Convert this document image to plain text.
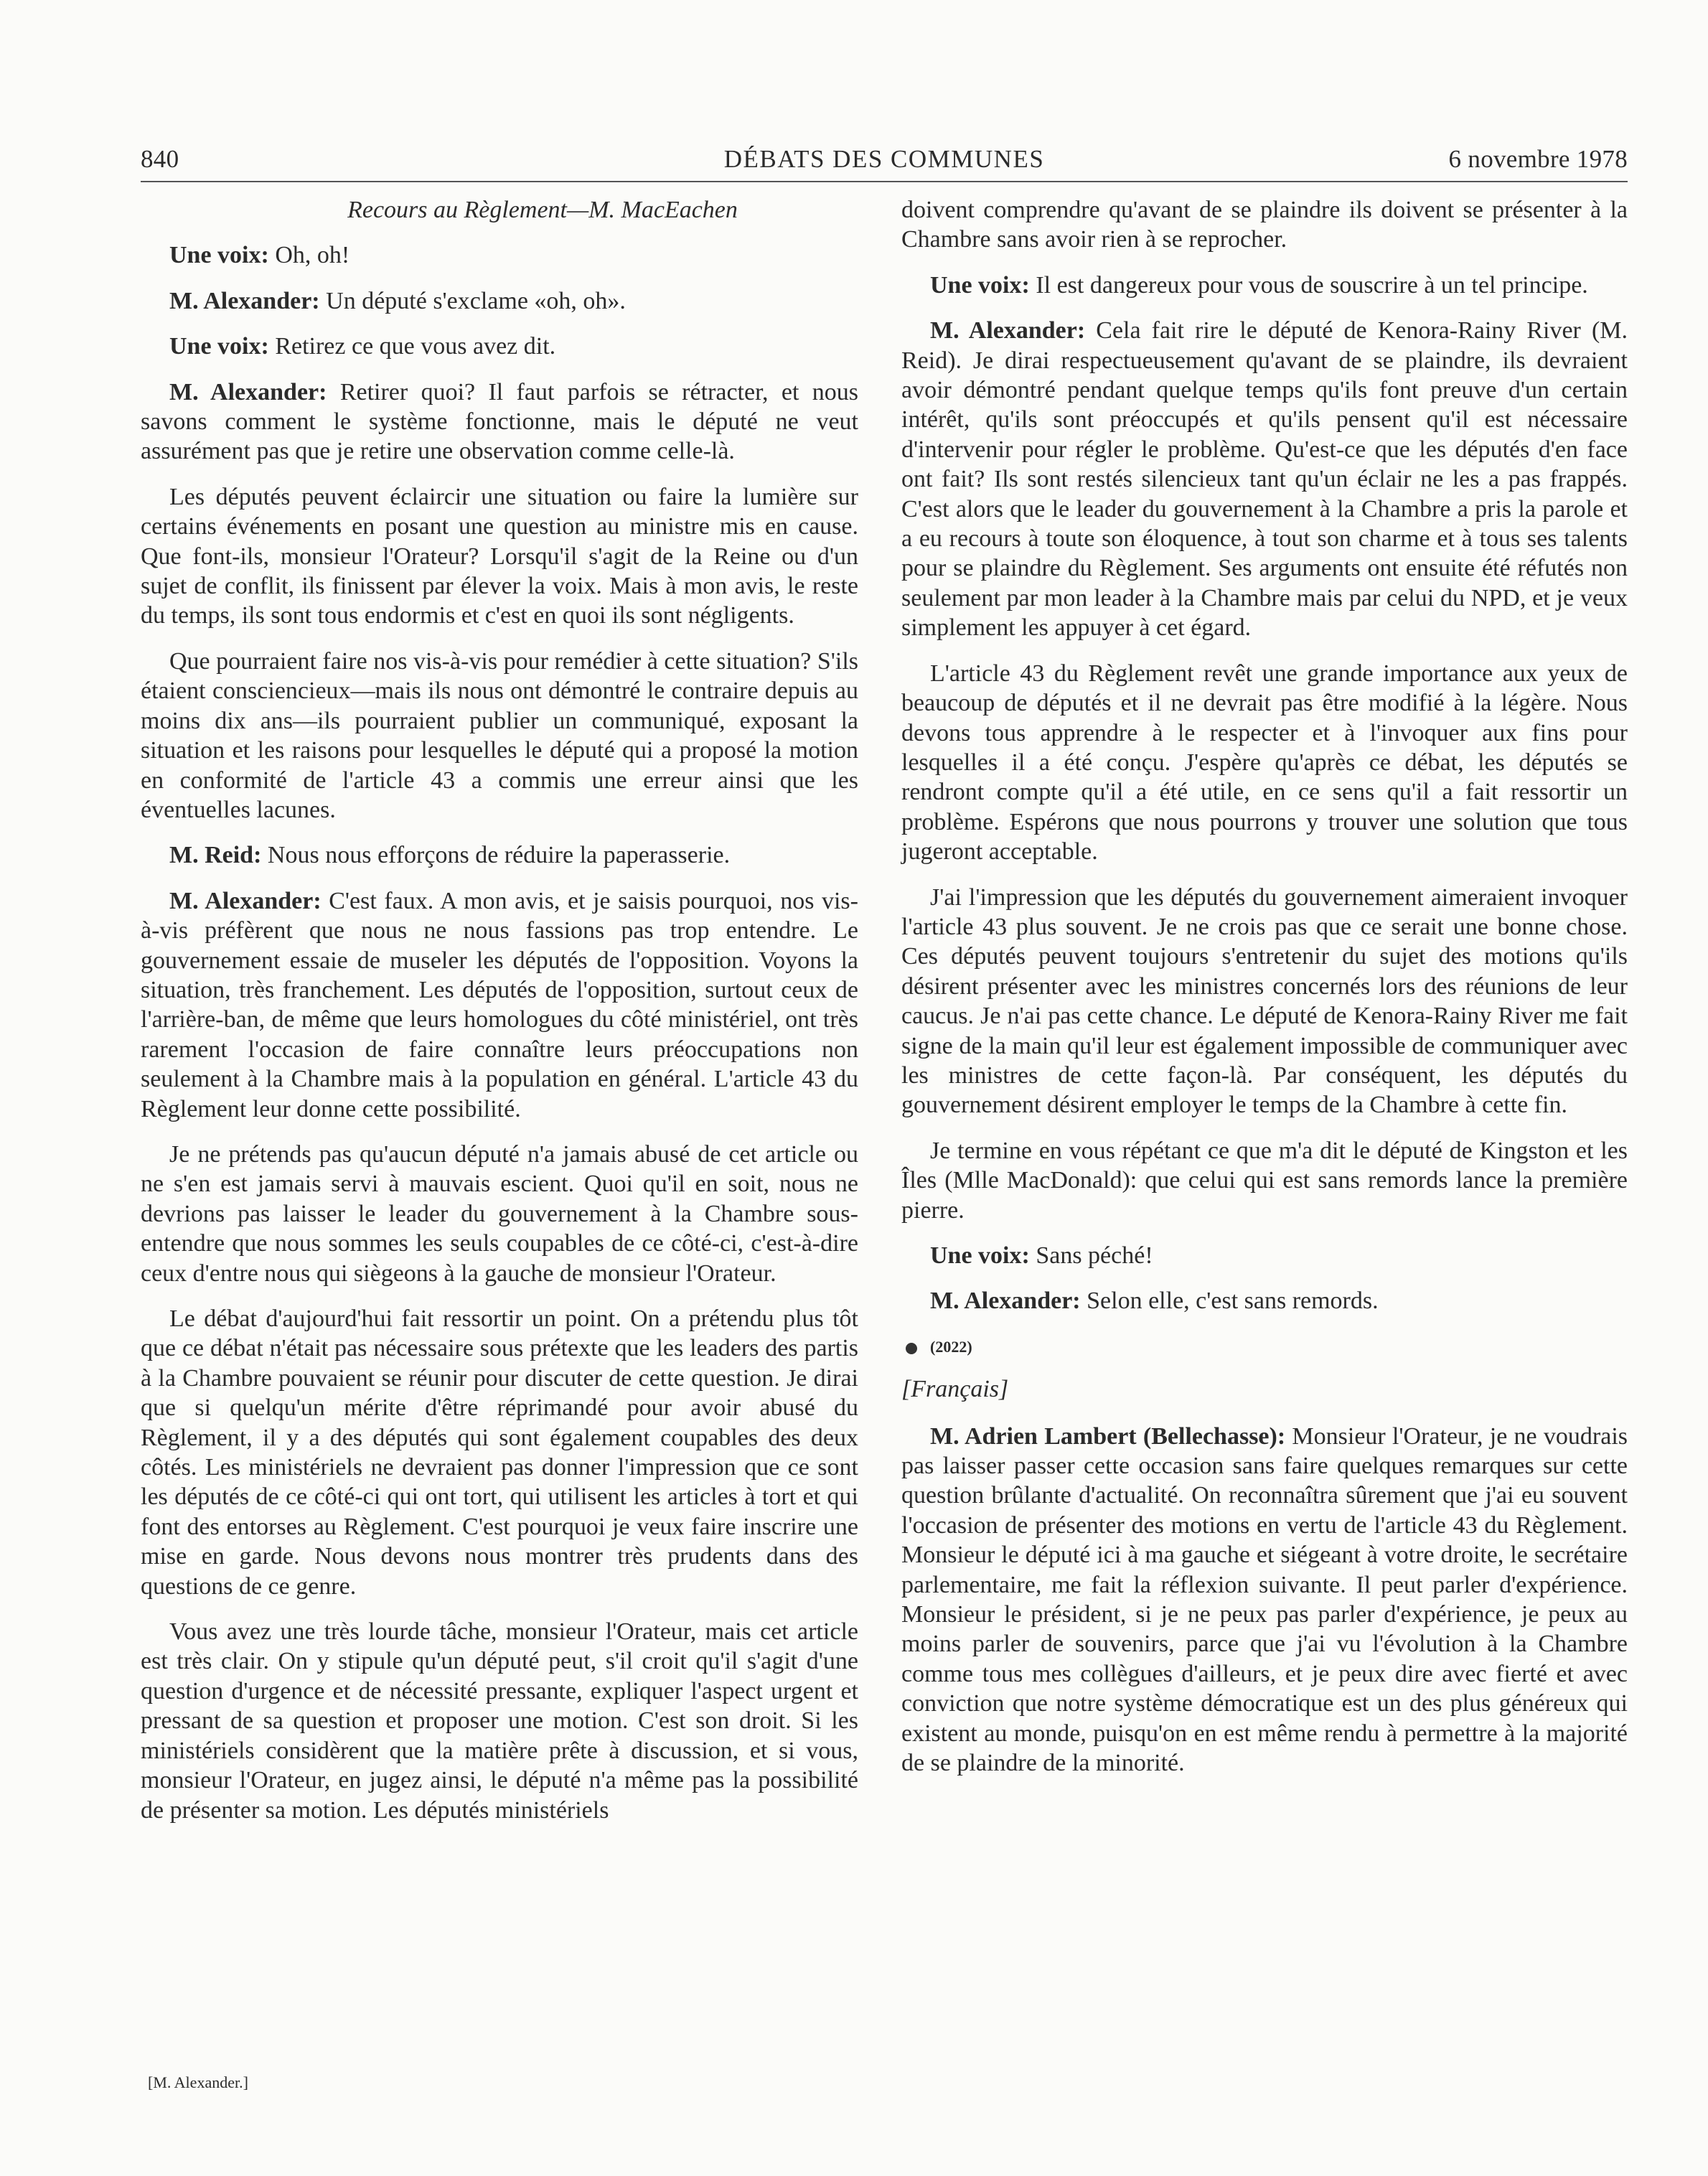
840	DÉBATS DES COMMUNES	6 novembre 1978

Recours au Règlement—M. MacEachen

Une voix: Oh, oh!

M. Alexander: Un député s'exclame «oh, oh».

Une voix: Retirez ce que vous avez dit.

M. Alexander: Retirer quoi? Il faut parfois se rétracter, et nous savons comment le système fonctionne, mais le député ne veut assurément pas que je retire une observation comme celle-là.

Les députés peuvent éclaircir une situation ou faire la lumière sur certains événements en posant une question au ministre mis en cause. Que font-ils, monsieur l'Orateur? Lorsqu'il s'agit de la Reine ou d'un sujet de conflit, ils finissent par élever la voix. Mais à mon avis, le reste du temps, ils sont tous endormis et c'est en quoi ils sont négligents.

Que pourraient faire nos vis-à-vis pour remédier à cette situation? S'ils étaient consciencieux—mais ils nous ont démontré le contraire depuis au moins dix ans—ils pourraient publier un communiqué, exposant la situation et les raisons pour lesquelles le député qui a proposé la motion en conformité de l'article 43 a commis une erreur ainsi que les éventuelles lacunes.

M. Reid: Nous nous efforçons de réduire la paperasserie.

M. Alexander: C'est faux. A mon avis, et je saisis pourquoi, nos vis-à-vis préfèrent que nous ne nous fassions pas trop entendre. Le gouvernement essaie de museler les députés de l'opposition. Voyons la situation, très franchement. Les députés de l'opposition, surtout ceux de l'arrière-ban, de même que leurs homologues du côté ministériel, ont très rarement l'occasion de faire connaître leurs préoccupations non seulement à la Chambre mais à la population en général. L'article 43 du Règlement leur donne cette possibilité.

Je ne prétends pas qu'aucun député n'a jamais abusé de cet article ou ne s'en est jamais servi à mauvais escient. Quoi qu'il en soit, nous ne devrions pas laisser le leader du gouvernement à la Chambre sous-entendre que nous sommes les seuls coupables de ce côté-ci, c'est-à-dire ceux d'entre nous qui siègeons à la gauche de monsieur l'Orateur.

Le débat d'aujourd'hui fait ressortir un point. On a prétendu plus tôt que ce débat n'était pas nécessaire sous prétexte que les leaders des partis à la Chambre pouvaient se réunir pour discuter de cette question. Je dirai que si quelqu'un mérite d'être réprimandé pour avoir abusé du Règlement, il y a des députés qui sont également coupables des deux côtés. Les ministériels ne devraient pas donner l'impression que ce sont les députés de ce côté-ci qui ont tort, qui utilisent les articles à tort et qui font des entorses au Règlement. C'est pourquoi je veux faire inscrire une mise en garde. Nous devons nous montrer très prudents dans des questions de ce genre.

Vous avez une très lourde tâche, monsieur l'Orateur, mais cet article est très clair. On y stipule qu'un député peut, s'il croit qu'il s'agit d'une question d'urgence et de nécessité pressante, expliquer l'aspect urgent et pressant de sa question et proposer une motion. C'est son droit. Si les ministériels considèrent que la matière prête à discussion, et si vous, monsieur l'Orateur, en jugez ainsi, le député n'a même pas la possibilité de présenter sa motion. Les députés ministériels

doivent comprendre qu'avant de se plaindre ils doivent se présenter à la Chambre sans avoir rien à se reprocher.

Une voix: Il est dangereux pour vous de souscrire à un tel principe.

M. Alexander: Cela fait rire le député de Kenora-Rainy River (M. Reid). Je dirai respectueusement qu'avant de se plaindre, ils devraient avoir démontré pendant quelque temps qu'ils font preuve d'un certain intérêt, qu'ils sont préoccupés et qu'ils pensent qu'il est nécessaire d'intervenir pour régler le problème. Qu'est-ce que les députés d'en face ont fait? Ils sont restés silencieux tant qu'un éclair ne les a pas frappés. C'est alors que le leader du gouvernement à la Chambre a pris la parole et a eu recours à toute son éloquence, à tout son charme et à tous ses talents pour se plaindre du Règlement. Ses arguments ont ensuite été réfutés non seulement par mon leader à la Chambre mais par celui du NPD, et je veux simplement les appuyer à cet égard.

L'article 43 du Règlement revêt une grande importance aux yeux de beaucoup de députés et il ne devrait pas être modifié à la légère. Nous devons tous apprendre à le respecter et à l'invoquer aux fins pour lesquelles il a été conçu. J'espère qu'après ce débat, les députés se rendront compte qu'il a été utile, en ce sens qu'il a fait ressortir un problème. Espérons que nous pourrons y trouver une solution que tous jugeront acceptable.

J'ai l'impression que les députés du gouvernement aimeraient invoquer l'article 43 plus souvent. Je ne crois pas que ce serait une bonne chose. Ces députés peuvent toujours s'entretenir du sujet des motions qu'ils désirent présenter avec les ministres concernés lors des réunions de leur caucus. Je n'ai pas cette chance. Le député de Kenora-Rainy River me fait signe de la main qu'il leur est également impossible de communiquer avec les ministres de cette façon-là. Par conséquent, les députés du gouvernement désirent employer le temps de la Chambre à cette fin.

Je termine en vous répétant ce que m'a dit le député de Kingston et les Îles (Mlle MacDonald): que celui qui est sans remords lance la première pierre.

Une voix: Sans péché!

M. Alexander: Selon elle, c'est sans remords.

(2022)

[Français]

M. Adrien Lambert (Bellechasse): Monsieur l'Orateur, je ne voudrais pas laisser passer cette occasion sans faire quelques remarques sur cette question brûlante d'actualité. On reconnaîtra sûrement que j'ai eu souvent l'occasion de présenter des motions en vertu de l'article 43 du Règlement. Monsieur le député ici à ma gauche et siégeant à votre droite, le secrétaire parlementaire, me fait la réflexion suivante. Il peut parler d'expérience. Monsieur le président, si je ne peux pas parler d'expérience, je peux au moins parler de souvenirs, parce que j'ai vu l'évolution à la Chambre comme tous mes collègues d'ailleurs, et je peux dire avec fierté et avec conviction que notre système démocratique est un des plus généreux qui existent au monde, puisqu'on en est même rendu à permettre à la majorité de se plaindre de la minorité.

[M. Alexander.]
